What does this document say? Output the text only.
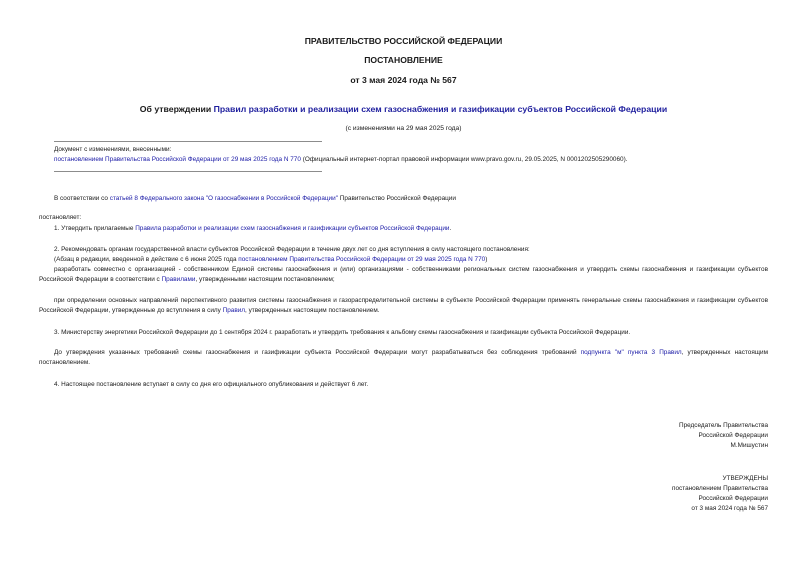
ПРАВИТЕЛЬСТВО РОССИЙСКОЙ ФЕДЕРАЦИИ
ПОСТАНОВЛЕНИЕ
от 3 мая 2024 года № 567
Об утверждении Правил разработки и реализации схем газоснабжения и газификации субъектов Российской Федерации
(с изменениями на 29 мая 2025 года)
Документ с изменениями, внесенными:
постановлением Правительства Российской Федерации от 29 мая 2025 года N 770 (Официальный интернет-портал правовой информации www.pravo.gov.ru, 29.05.2025, N 0001202505290060).
В соответствии со статьей 8 Федерального закона "О газоснабжении в Российской Федерации" Правительство Российской Федерации
постановляет:
1. Утвердить прилагаемые Правила разработки и реализации схем газоснабжения и газификации субъектов Российской Федерации.
2. Рекомендовать органам государственной власти субъектов Российской Федерации в течение двух лет со дня вступления в силу настоящего постановления:
(Абзац в редакции, введенной в действие с 6 июня 2025 года постановлением Правительства Российской Федерации от 29 мая 2025 года N 770)
разработать совместно с организацией - собственником Единой системы газоснабжения и (или) организациями - собственниками региональных систем газоснабжения и утвердить схемы газоснабжения и газификации субъектов Российской Федерации в соответствии с Правилами, утвержденными настоящим постановлением;
при определении основных направлений перспективного развития системы газоснабжения и газораспределительной системы в субъекте Российской Федерации применять генеральные схемы газоснабжения и газификации субъектов Российской Федерации, утвержденные до вступления в силу Правил, утвержденных настоящим постановлением.
3. Министерству энергетики Российской Федерации до 1 сентября 2024 г. разработать и утвердить требования к альбому схемы газоснабжения и газификации субъекта Российской Федерации.
До утверждения указанных требований схемы газоснабжения и газификации субъекта Российской Федерации могут разрабатываться без соблюдения требований подпункта "м" пункта 3 Правил, утвержденных настоящим постановлением.
4. Настоящее постановление вступает в силу со дня его официального опубликования и действует 6 лет.
Председатель Правительства
Российской Федерации
М.Мишустин
УТВЕРЖДЕНЫ
постановлением Правительства
Российской Федерации
от 3 мая 2024 года № 567
